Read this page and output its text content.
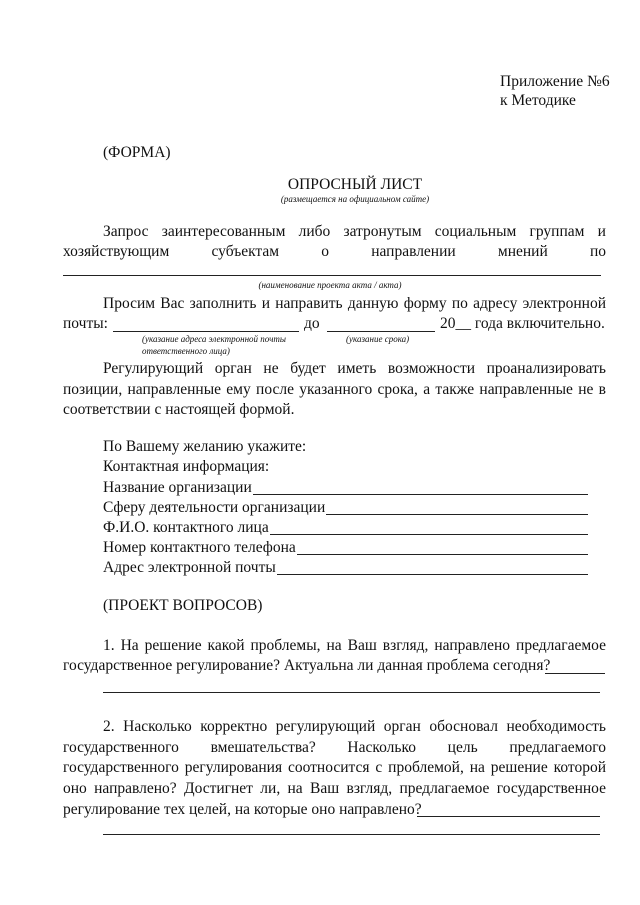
Приложение №6
к Методике
(ФОРМА)
ОПРОСНЫЙ ЛИСТ
(размещается на официальном сайте)
Запрос заинтересованным либо затронутым социальным группам и
хозяйствующим	субъектам	о	направлении	мнений	по
(наименование проекта акта / акта)
Просим Вас заполнить и направить данную форму по адресу электронной
почты:	до	20__ года включительно.
(указание адреса электронной почты
ответственного лица)
(указание срока)
Регулирующий орган не будет иметь возможности проанализировать
позиции, направленные ему после указанного срока, а также направленные не в
соответствии с настоящей формой.
По Вашему желанию укажите:
Контактная информация:
Название организации
Сферу деятельности организации
Ф.И.О. контактного лица
Номер контактного телефона
Адрес электронной почты
(ПРОЕКТ ВОПРОСОВ)
1. На решение какой проблемы, на Ваш взгляд, направлено предлагаемое
государственное регулирование? Актуальна ли данная проблема сегодня?
2. Насколько корректно регулирующий орган обосновал необходимость
государственного вмешательства? Насколько цель предлагаемого
государственного регулирования соотносится с проблемой, на решение которой
оно направлено? Достигнет ли, на Ваш взгляд, предлагаемое государственное
регулирование тех целей, на которые оно направлено?
